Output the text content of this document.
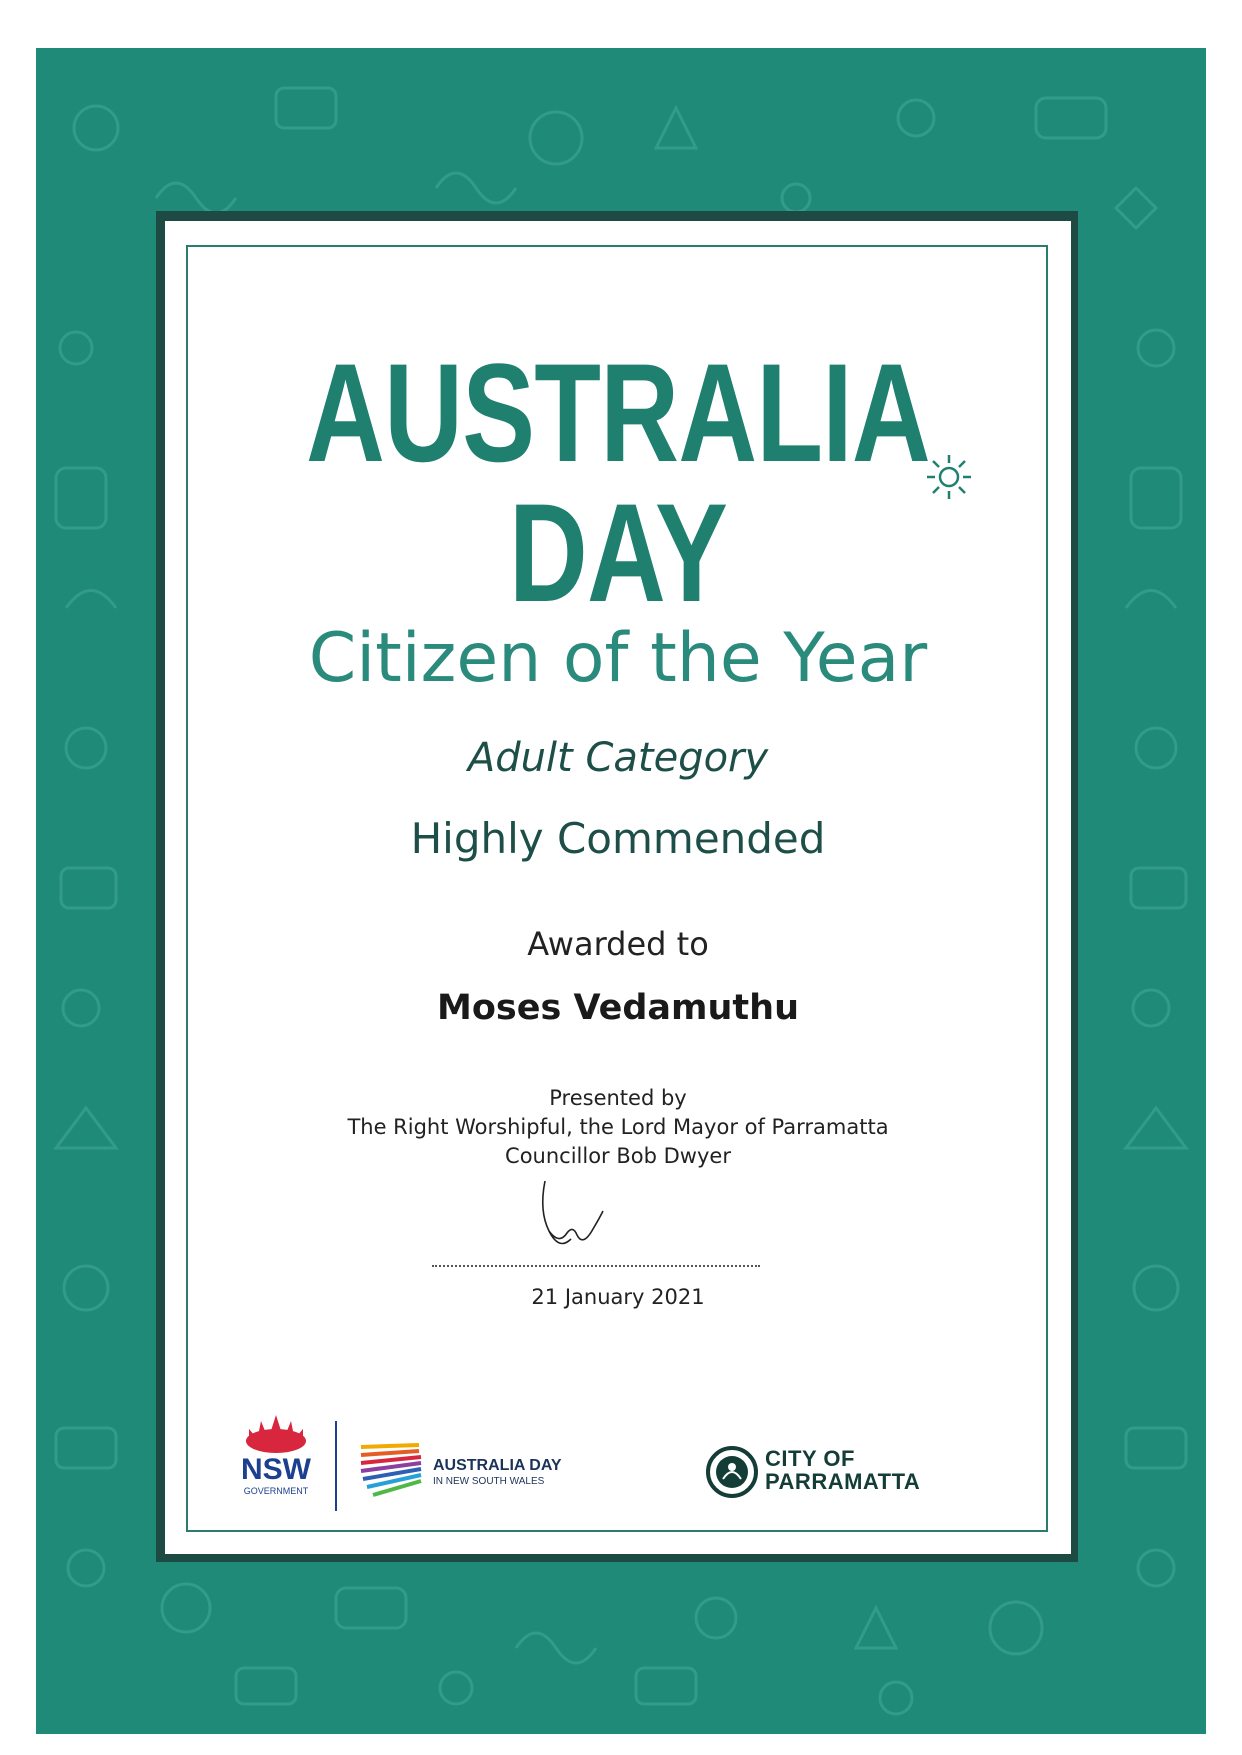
AUSTRALIA DAY
Citizen of the Year
Adult Category
Highly Commended
Awarded to
Moses Vedamuthu
Presented by
The Right Worshipful, the Lord Mayor of Parramatta
Councillor Bob Dwyer
21 January 2021
NSW
GOVERNMENT
AUSTRALIA DAY
IN NEW SOUTH WALES
CITY OF
PARRAMATTA
